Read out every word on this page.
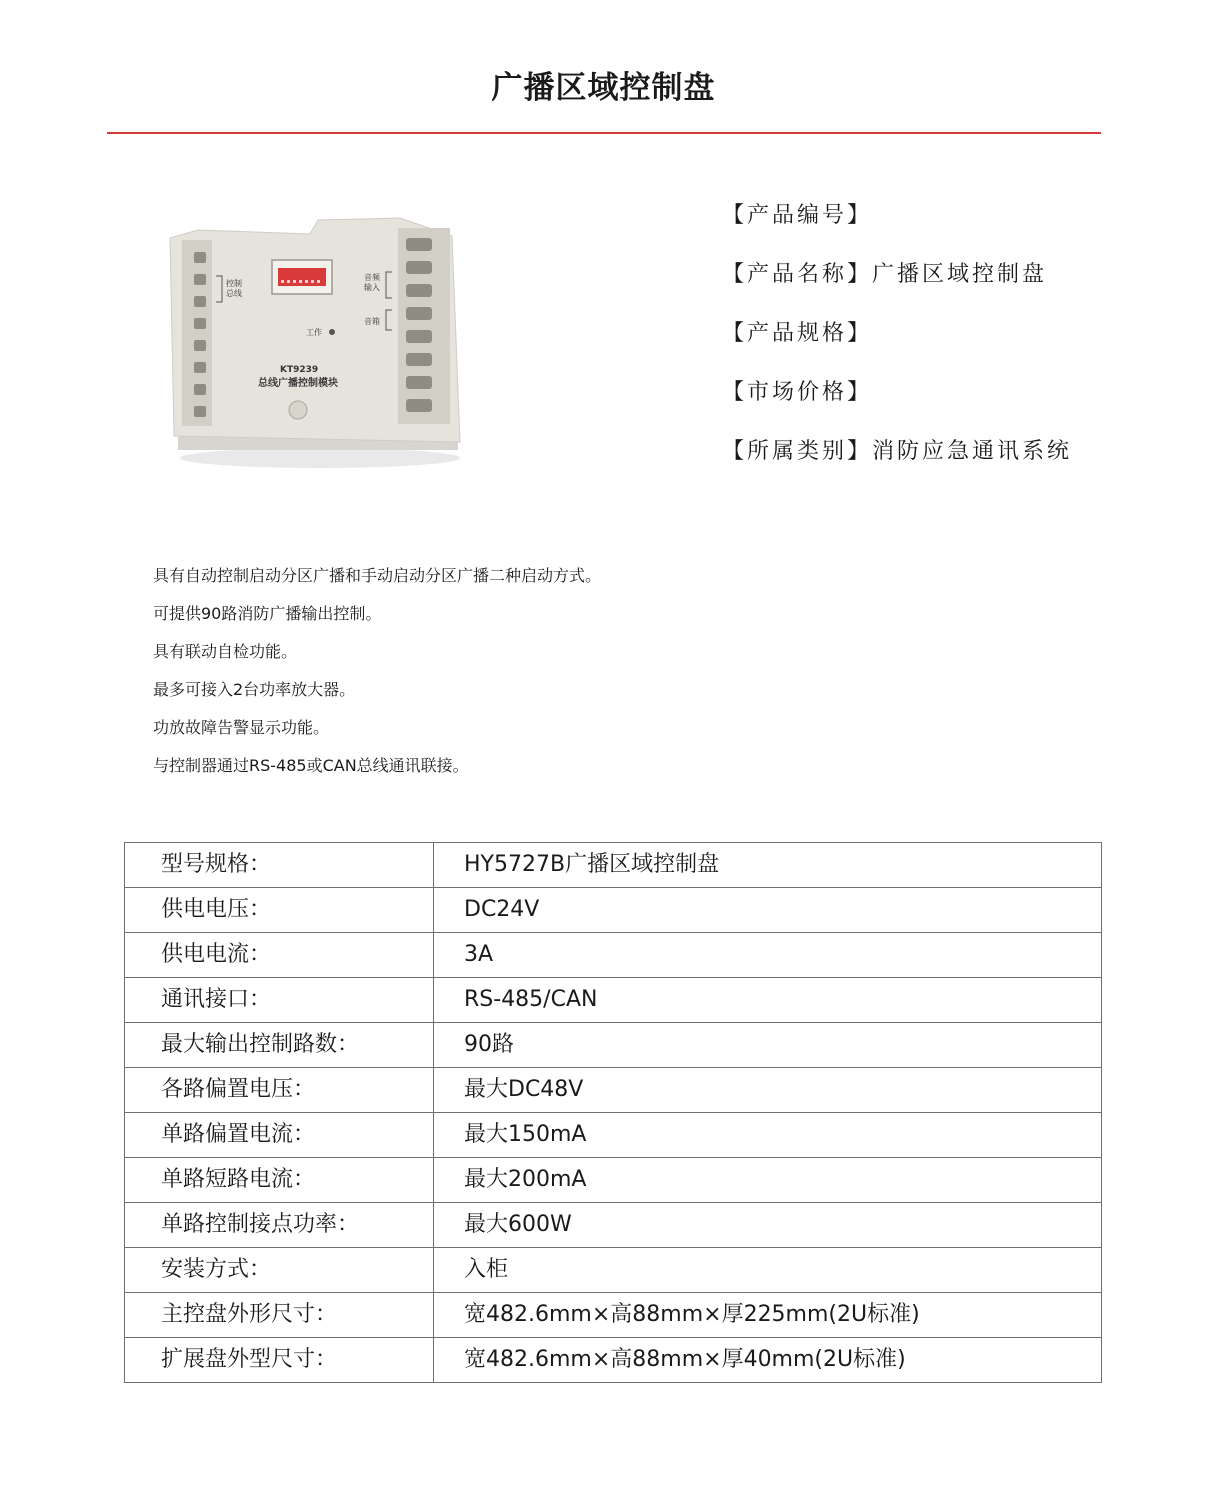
广播区域控制盘
控制
总线
音频
输入
音箱
工作
KT9239
总线广播控制模块
【产品编号】
【产品名称】广播区域控制盘
【产品规格】
【市场价格】
【所属类别】消防应急通讯系统
具有自动控制启动分区广播和手动启动分区广播二种启动方式。
可提供90路消防广播输出控制。
具有联动自检功能。
最多可接入2台功率放大器。
功放故障告警显示功能。
与控制器通过RS-485或CAN总线通讯联接。
型号规格：	HY5727B广播区域控制盘
供电电压：	DC24V
供电电流：	3A
通讯接口：	RS-485/CAN
最大输出控制路数：	90路
各路偏置电压：	最大DC48V
单路偏置电流：	最大150mA
单路短路电流：	最大200mA
单路控制接点功率：	最大600W
安装方式：	入柜
主控盘外形尺寸：	宽482.6mm×高88mm×厚225mm(2U标准)
扩展盘外型尺寸：	宽482.6mm×高88mm×厚40mm(2U标准)
